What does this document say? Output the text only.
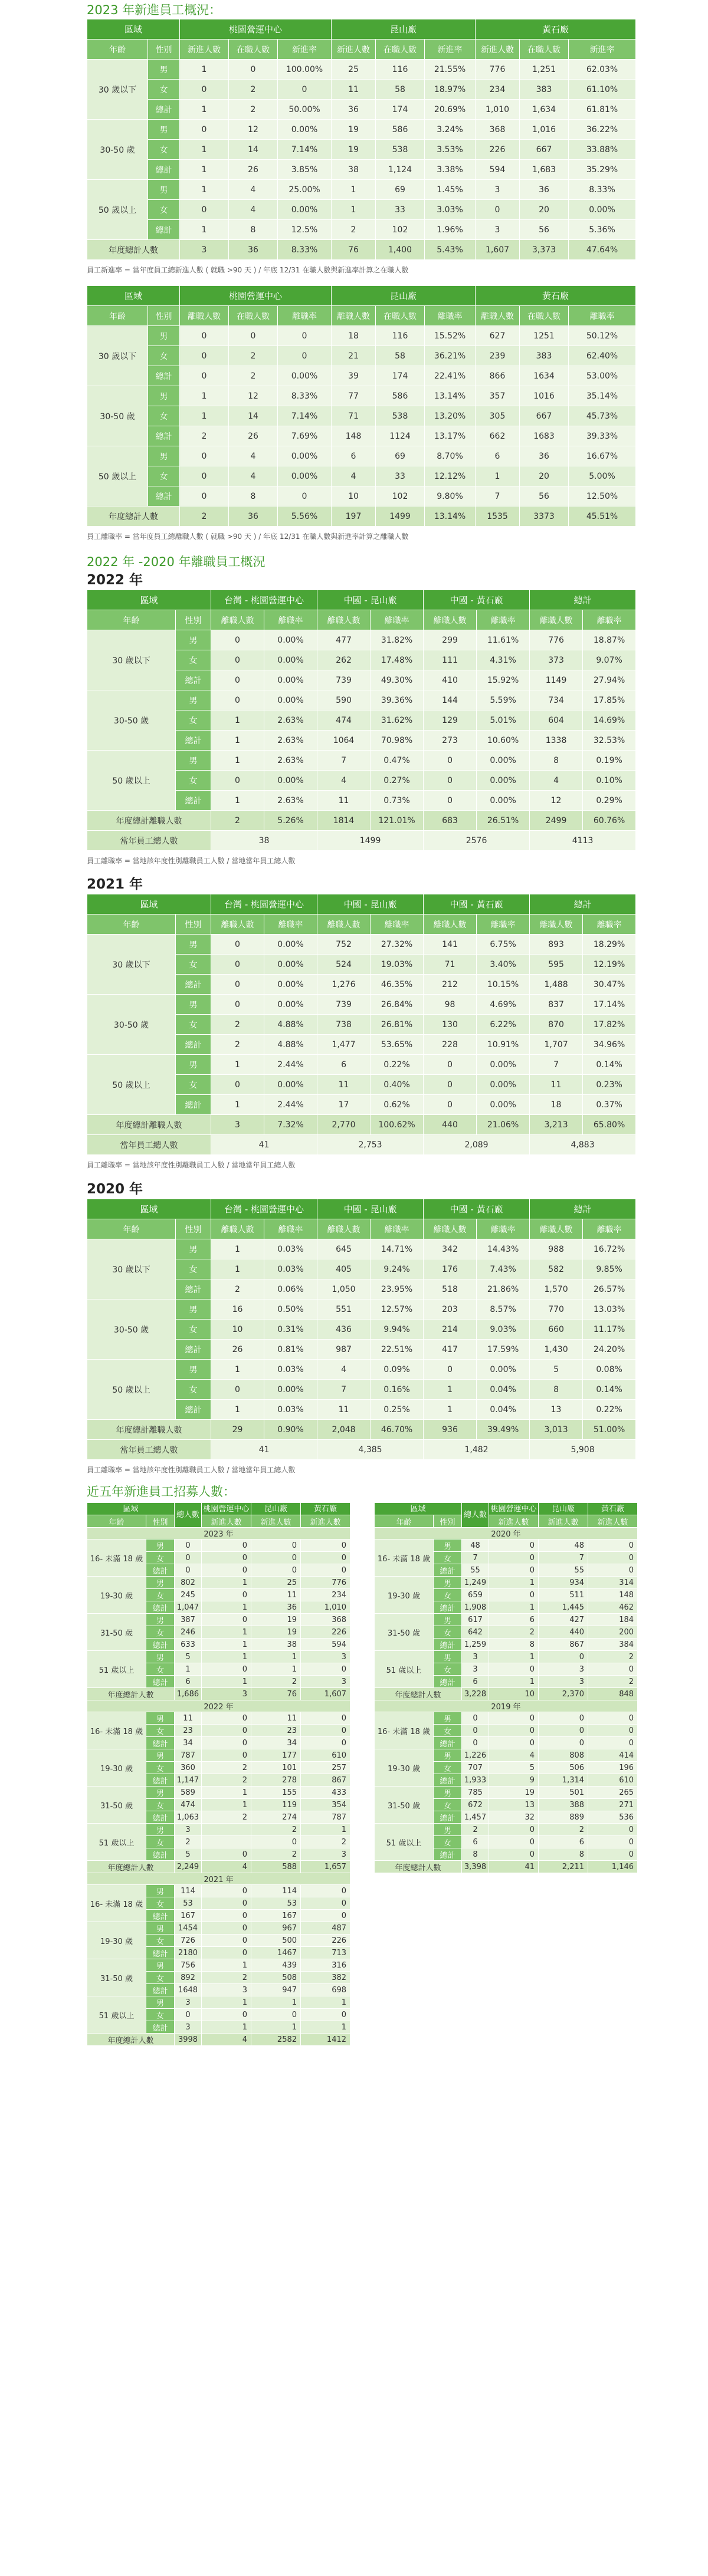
2023 年新進員工概況：
區域		桃園營運中心			昆山廠			黃石廠		
年齡	性別	新進人數	在職人數	新進率	新進人數	在職人數	新進率	新進人數	在職人數	新進率
30 歲以下	男	1	0	100.00%	25	116	21.55%	776	1,251	62.03%
	女	0	2	0	11	58	18.97%	234	383	61.10%
	總計	1	2	50.00%	36	174	20.69%	1,010	1,634	61.81%
30-50 歲	男	0	12	0.00%	19	586	3.24%	368	1,016	36.22%
	女	1	14	7.14%	19	538	3.53%	226	667	33.88%
	總計	1	26	3.85%	38	1,124	3.38%	594	1,683	35.29%
50 歲以上	男	1	4	25.00%	1	69	1.45%	3	36	8.33%
	女	0	4	0.00%	1	33	3.03%	0	20	0.00%
	總計	1	8	12.5%	2	102	1.96%	3	56	5.36%
年度總計人數		3	36	8.33%	76	1,400	5.43%	1,607	3,373	47.64%
員工新進率 = 當年度員工總新進人數 ( 就職 >90 天 ) / 年底 12/31 在職人數與新進率計算之在職人數
區域		桃園營運中心			昆山廠			黃石廠		
年齡	性別	離職人數	在職人數	離職率	離職人數	在職人數	離職率	離職人數	在職人數	離職率
30 歲以下	男	0	0	0	18	116	15.52%	627	1251	50.12%
	女	0	2	0	21	58	36.21%	239	383	62.40%
	總計	0	2	0.00%	39	174	22.41%	866	1634	53.00%
30-50 歲	男	1	12	8.33%	77	586	13.14%	357	1016	35.14%
	女	1	14	7.14%	71	538	13.20%	305	667	45.73%
	總計	2	26	7.69%	148	1124	13.17%	662	1683	39.33%
50 歲以上	男	0	4	0.00%	6	69	8.70%	6	36	16.67%
	女	0	4	0.00%	4	33	12.12%	1	20	5.00%
	總計	0	8	0	10	102	9.80%	7	56	12.50%
年度總計人數		2	36	5.56%	197	1499	13.14%	1535	3373	45.51%
員工離職率 = 當年度員工總離職人數 ( 就職 >90 天 ) / 年底 12/31 在職人數與新進率計算之離職人數
2022 年 -2020 年離職員工概況
2022 年
區域		台灣 - 桃園營運中心		中國 - 昆山廠		中國 - 黃石廠		總計	
年齡	性別	離職人數	離職率	離職人數	離職率	離職人數	離職率	離職人數	離職率
30 歲以下	男	0	0.00%	477	31.82%	299	11.61%	776	18.87%
	女	0	0.00%	262	17.48%	111	4.31%	373	9.07%
	總計	0	0.00%	739	49.30%	410	15.92%	1149	27.94%
30-50 歲	男	0	0.00%	590	39.36%	144	5.59%	734	17.85%
	女	1	2.63%	474	31.62%	129	5.01%	604	14.69%
	總計	1	2.63%	1064	70.98%	273	10.60%	1338	32.53%
50 歲以上	男	1	2.63%	7	0.47%	0	0.00%	8	0.19%
	女	0	0.00%	4	0.27%	0	0.00%	4	0.10%
	總計	1	2.63%	11	0.73%	0	0.00%	12	0.29%
年度總計離職人數		2	5.26%	1814	121.01%	683	26.51%	2499	60.76%
當年員工總人數		38		1499		2576		4113	
員工離職率 = 當地該年度性別離職員工人數 / 當地當年員工總人數
2021 年
區域		台灣 - 桃園營運中心		中國 - 昆山廠		中國 - 黃石廠		總計	
年齡	性別	離職人數	離職率	離職人數	離職率	離職人數	離職率	離職人數	離職率
30 歲以下	男	0	0.00%	752	27.32%	141	6.75%	893	18.29%
	女	0	0.00%	524	19.03%	71	3.40%	595	12.19%
	總計	0	0.00%	1,276	46.35%	212	10.15%	1,488	30.47%
30-50 歲	男	0	0.00%	739	26.84%	98	4.69%	837	17.14%
	女	2	4.88%	738	26.81%	130	6.22%	870	17.82%
	總計	2	4.88%	1,477	53.65%	228	10.91%	1,707	34.96%
50 歲以上	男	1	2.44%	6	0.22%	0	0.00%	7	0.14%
	女	0	0.00%	11	0.40%	0	0.00%	11	0.23%
	總計	1	2.44%	17	0.62%	0	0.00%	18	0.37%
年度總計離職人數		3	7.32%	2,770	100.62%	440	21.06%	3,213	65.80%
當年員工總人數		41		2,753		2,089		4,883	
員工離職率 = 當地該年度性別離職員工人數 / 當地當年員工總人數
2020 年
區域		台灣 - 桃園營運中心		中國 - 昆山廠		中國 - 黃石廠		總計	
年齡	性別	離職人數	離職率	離職人數	離職率	離職人數	離職率	離職人數	離職率
30 歲以下	男	1	0.03%	645	14.71%	342	14.43%	988	16.72%
	女	1	0.03%	405	9.24%	176	7.43%	582	9.85%
	總計	2	0.06%	1,050	23.95%	518	21.86%	1,570	26.57%
30-50 歲	男	16	0.50%	551	12.57%	203	8.57%	770	13.03%
	女	10	0.31%	436	9.94%	214	9.03%	660	11.17%
	總計	26	0.81%	987	22.51%	417	17.59%	1,430	24.20%
50 歲以上	男	1	0.03%	4	0.09%	0	0.00%	5	0.08%
	女	0	0.00%	7	0.16%	1	0.04%	8	0.14%
	總計	1	0.03%	11	0.25%	1	0.04%	13	0.22%
年度總計離職人數		29	0.90%	2,048	46.70%	936	39.49%	3,013	51.00%
當年員工總人數		41		4,385		1,482		5,908	
員工離職率 = 當地該年度性別離職員工人數 / 當地當年員工總人數
近五年新進員工招募人數：
區域		總人數	桃園營運中心	昆山廠	黃石廠
年齡	性別		新進人數	新進人數	新進人數
2023 年					
16- 未滿 18 歲	男	0	0	0	0
	女	0	0	0	0
	總計	0	0	0	0
19-30 歲	男	802	1	25	776
	女	245	0	11	234
	總計	1,047	1	36	1,010
31-50 歲	男	387	0	19	368
	女	246	1	19	226
	總計	633	1	38	594
51 歲以上	男	5	1	1	3
	女	1	0	1	0
	總計	6	1	2	3
年度總計人數		1,686	3	76	1,607
2022 年					
16- 未滿 18 歲	男	11	0	11	0
	女	23	0	23	0
	總計	34	0	34	0
19-30 歲	男	787	0	177	610
	女	360	2	101	257
	總計	1,147	2	278	867
31-50 歲	男	589	1	155	433
	女	474	1	119	354
	總計	1,063	2	274	787
51 歲以上	男	3		2	1
	女	2		0	2
	總計	5	0	2	3
年度總計人數		2,249	4	588	1,657
2021 年					
16- 未滿 18 歲	男	114	0	114	0
	女	53	0	53	0
	總計	167	0	167	0
19-30 歲	男	1454	0	967	487
	女	726	0	500	226
	總計	2180	0	1467	713
31-50 歲	男	756	1	439	316
	女	892	2	508	382
	總計	1648	3	947	698
51 歲以上	男	3	1	1	1
	女	0	0	0	0
	總計	3	1	1	1
年度總計人數		3998	4	2582	1412
區域		總人數	桃園營運中心	昆山廠	黃石廠
年齡	性別		新進人數	新進人數	新進人數
2020 年					
16- 未滿 18 歲	男	48	0	48	0
	女	7	0	7	0
	總計	55	0	55	0
19-30 歲	男	1,249	1	934	314
	女	659	0	511	148
	總計	1,908	1	1,445	462
31-50 歲	男	617	6	427	184
	女	642	2	440	200
	總計	1,259	8	867	384
51 歲以上	男	3	1	0	2
	女	3	0	3	0
	總計	6	1	3	2
年度總計人數		3,228	10	2,370	848
2019 年					
16- 未滿 18 歲	男	0	0	0	0
	女	0	0	0	0
	總計	0	0	0	0
19-30 歲	男	1,226	4	808	414
	女	707	5	506	196
	總計	1,933	9	1,314	610
31-50 歲	男	785	19	501	265
	女	672	13	388	271
	總計	1,457	32	889	536
51 歲以上	男	2	0	2	0
	女	6	0	6	0
	總計	8	0	8	0
年度總計人數		3,398	41	2,211	1,146
